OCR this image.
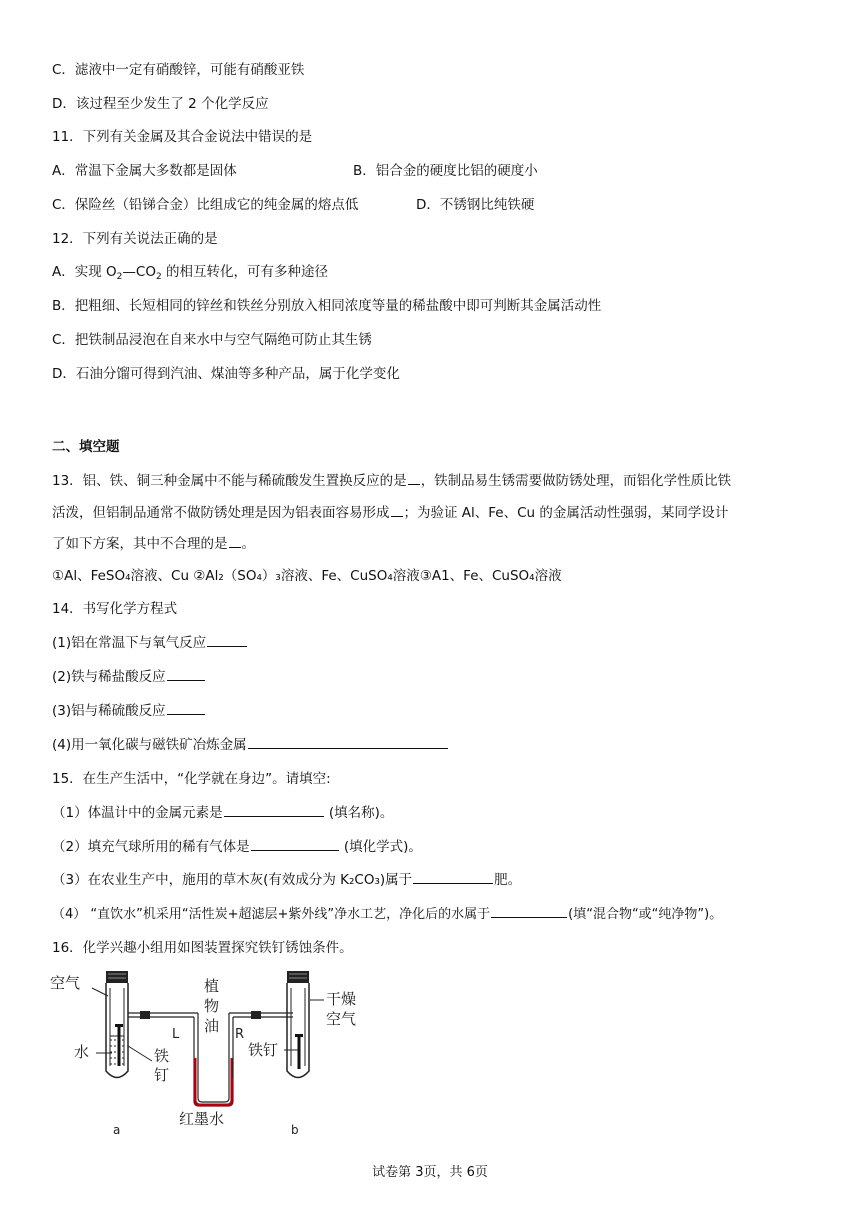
C．滤液中一定有硝酸锌，可能有硝酸亚铁
D．该过程至少发生了 2 个化学反应
11．下列有关金属及其合金说法中错误的是
A．常温下金属大多数都是固体	B．铝合金的硬度比铝的硬度小
C．保险丝（铅锑合金）比组成它的纯金属的熔点低	D．不锈钢比纯铁硬
12．下列有关说法正确的是
A．实现 $O_2—CO_2$ 的相互转化，可有多种途径
B．把粗细、长短相同的锌丝和铁丝分别放入相同浓度等量的稀盐酸中即可判断其金属活动性
C．把铁制品浸泡在自来水中与空气隔绝可防止其生锈
D．石油分馏可得到汽油、煤油等多种产品，属于化学变化
二、填空题
13．铝、铁、铜三种金属中不能与稀硫酸发生置换反应的是 ，铁制品易生锈需要做防锈处理，而铝化学性质比铁
活泼，但铝制品通常不做防锈处理是因为铝表面容易形成 ；为验证 Al、Fe、Cu 的金属活动性强弱，某同学设计
了如下方案，其中不合理的是 。
①Al、FeSO₄溶液、Cu ②Al₂（SO₄）₃溶液、Fe、CuSO₄溶液③A1、Fe、CuSO₄溶液
14．书写化学方程式
(1)铝在常温下与氧气反应
(2)铁与稀盐酸反应
(3)铝与稀硫酸反应
(4)用一氧化碳与磁铁矿冶炼金属
15．在生产生活中，“化学就在身边”。请填空:
（1）体温计中的金属元素是	(填名称)。
（2）填充气球所用的稀有气体是	(填化学式)。
（3）在农业生产中，施用的草木灰(有效成分为 K₂CO₃)属于	肥。
（4） “直饮水”机采用“活性炭+超滤层+紫外线”净水工艺，净化后的水属于	(填“混合物“或“纯净物”)。
16．化学兴趣小组用如图装置探究铁钉锈蚀条件。
空气
水	铁
钉
植
物
油
L	R
红墨水
干燥
空气
铁钉
a	b
试卷第 3页，共 6页
